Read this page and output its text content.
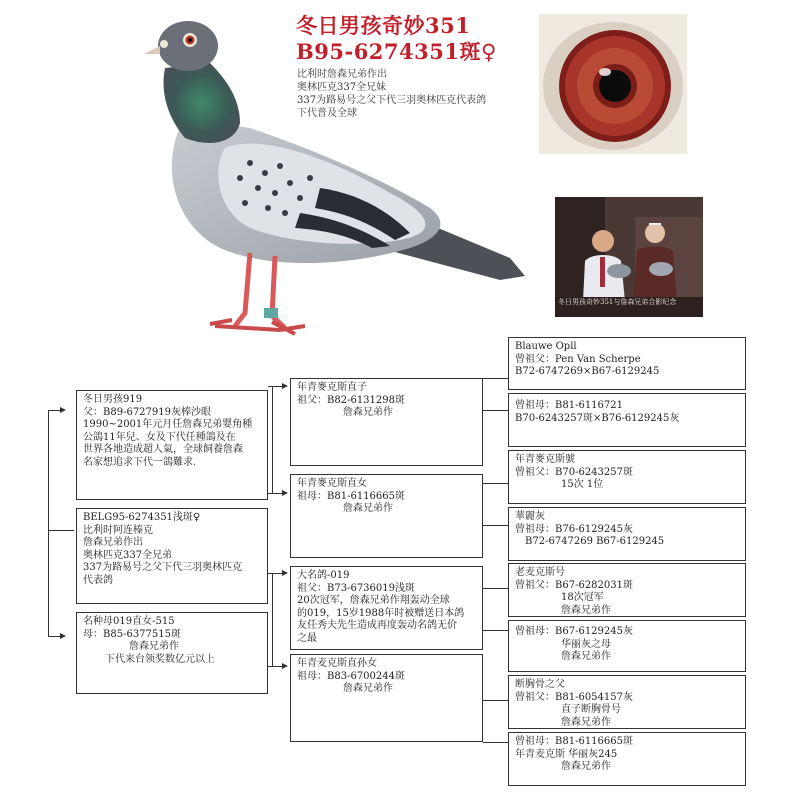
冬日男孩奇妙351
B95-6274351斑♀
比利时詹森兄弟作出
奥林匹克337全兄妹
337为路易号之父下代三羽奥林匹克代表鸽
下代普及全球
冬日男孩奇妙351与詹森兄弟合影纪念
BELG95-6274351浅斑♀
比利时阿连榛克
詹森兄弟作出
奥林匹克337全兄弟
337为路易号之父下代三羽奥林匹克
代表鸽
冬日男孩919
父：B89-6727919灰棒沙眼
1990~2001年元月任詹森兄弟婴角種
公鴿11年兒、女及下代任種鴿及在
世界各地造成超人氣，全球飼養詹森
名家想追求下代一鴿難求.
名种母019直女-515
母：B85-6377515斑
詹森兄弟作
下代来台领奖数亿元以上
年青麥克斯直子
祖父：B82-6131298斑
詹森兄弟作
年青麥克斯直女
祖母：B81-6116665斑
詹森兄弟作
大名鸽-019
祖父：B73-6736019浅斑
20次冠军，詹森兄弟作翔轰动全球
的019，15岁1988年时被赠送日本鸽
友任秀夫先生造成再度轰动名鸽无价
之最
年青麦克斯直孙女
祖母：B83-6700244斑
詹森兄弟作
Blauwe Opll
曾祖父：Pen Van Scherpe
B72-6747269×B67-6129245
曾祖母：B81-6116721
B70-6243257斑×B76-6129245灰
年青麥克斯號
曾祖父：B70-6243257斑
15次 1位
華麗灰
曾祖母：B76-6129245灰
B72-6747269 B67-6129245
老麦克斯号
曾祖父：B67-6282031斑
18次冠军
詹森兄弟作
曾祖母：B67-6129245灰
华丽灰之母
詹森兄弟作
断胸骨之父
曾祖父：B81-6054157灰
直子断胸骨号
詹森兄弟作
曾祖母：B81-6116665斑
年青麦克斯 华丽灰245
詹森兄弟作
